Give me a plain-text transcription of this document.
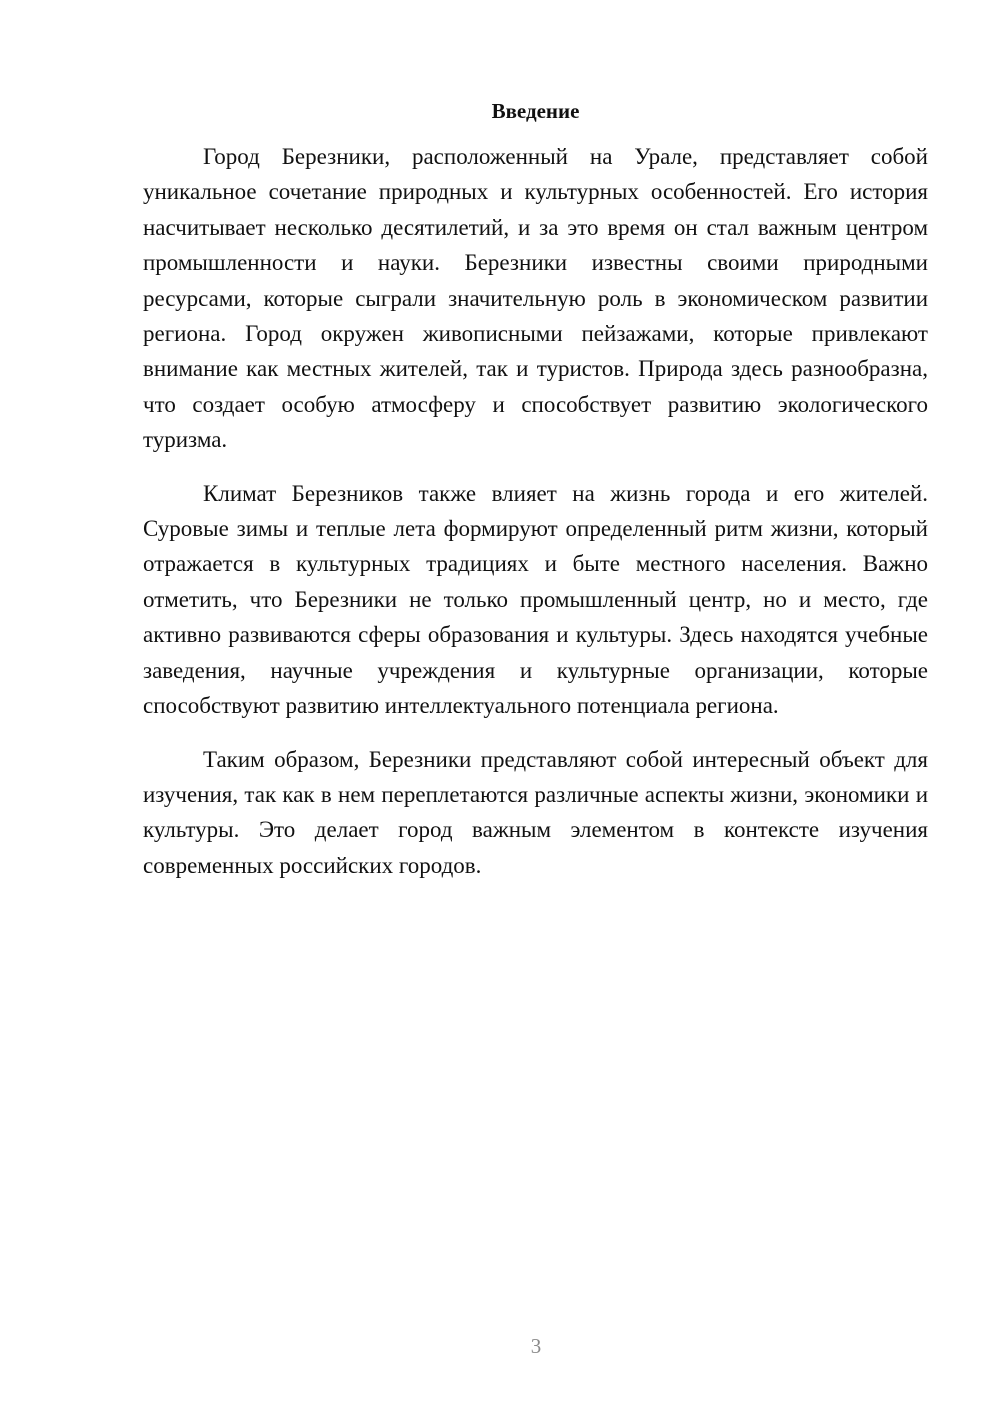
Введение

Город Березники, расположенный на Урале, представляет собой уникальное сочетание природных и культурных особенностей. Его история насчитывает несколько десятилетий, и за это время он стал важным центром промышленности и науки. Березники известны своими природными ресурсами, которые сыграли значительную роль в экономическом развитии региона. Город окружен живописными пейзажами, которые привлекают внимание как местных жителей, так и туристов. Природа здесь разнообразна, что создает особую атмосферу и способствует развитию экологического туризма.

Климат Березников также влияет на жизнь города и его жителей. Суровые зимы и теплые лета формируют определенный ритм жизни, который отражается в культурных традициях и быте местного населения. Важно отметить, что Березники не только промышленный центр, но и место, где активно развиваются сферы образования и культуры. Здесь находятся учебные заведения, научные учреждения и культурные организации, которые способствуют развитию интеллектуального потенциала региона.

Таким образом, Березники представляют собой интересный объект для изучения, так как в нем переплетаются различные аспекты жизни, экономики и культуры. Это делает город важным элементом в контексте изучения современных российских городов.

3
